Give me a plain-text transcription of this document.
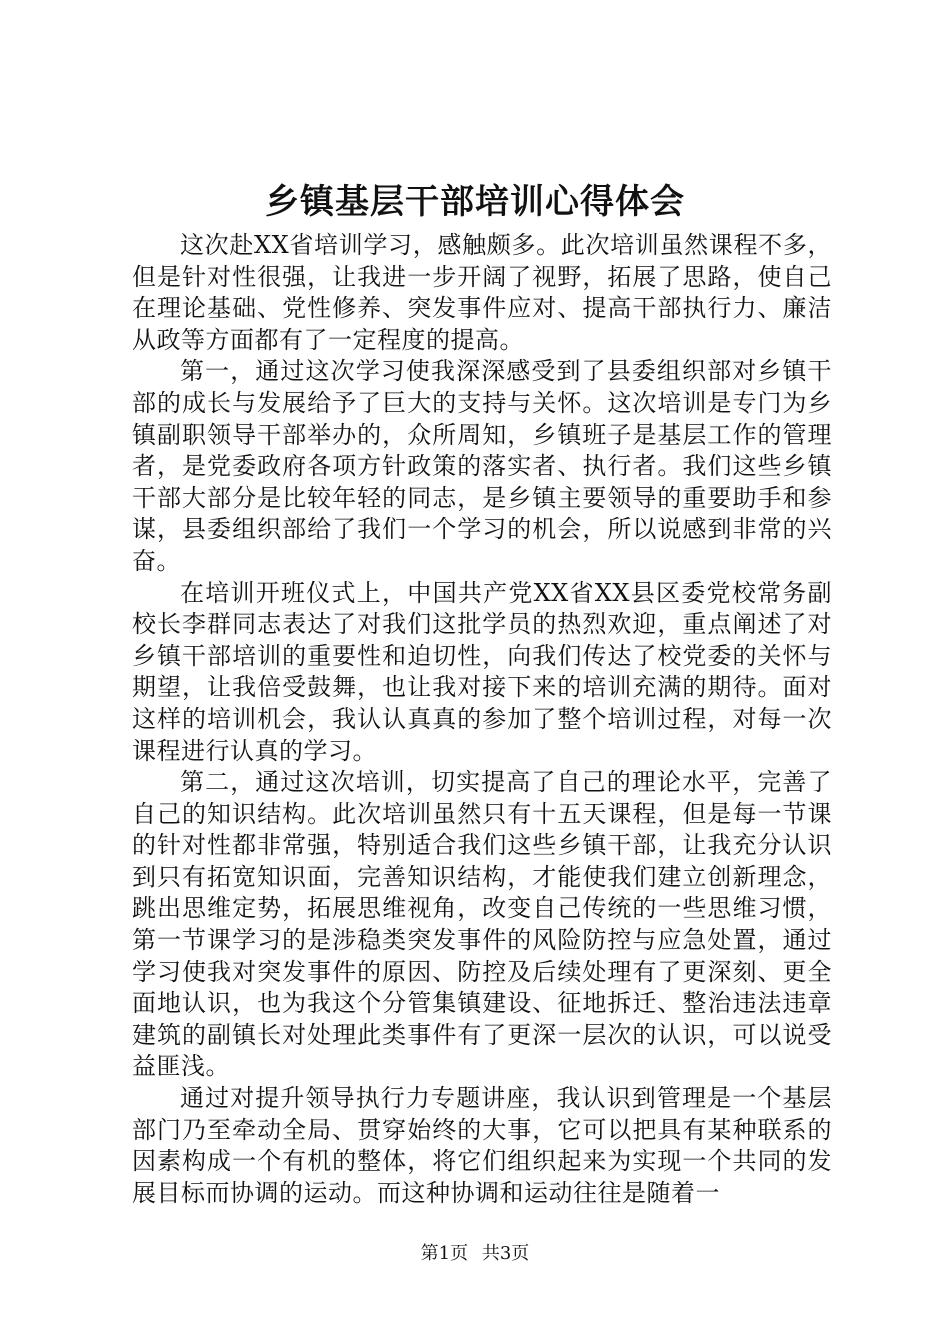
乡镇基层干部培训心得体会

这次赴XX省培训学习，感触颇多。此次培训虽然课程不多，但是针对性很强，让我进一步开阔了视野，拓展了思路，使自己在理论基础、党性修养、突发事件应对、提高干部执行力、廉洁从政等方面都有了一定程度的提高。

第一，通过这次学习使我深深感受到了县委组织部对乡镇干部的成长与发展给予了巨大的支持与关怀。这次培训是专门为乡镇副职领导干部举办的，众所周知，乡镇班子是基层工作的管理者，是党委政府各项方针政策的落实者、执行者。我们这些乡镇干部大部分是比较年轻的同志，是乡镇主要领导的重要助手和参谋，县委组织部给了我们一个学习的机会，所以说感到非常的兴奋。

在培训开班仪式上，中国共产党XX省XX县区委党校常务副校长李群同志表达了对我们这批学员的热烈欢迎，重点阐述了对乡镇干部培训的重要性和迫切性，向我们传达了校党委的关怀与期望，让我倍受鼓舞，也让我对接下来的培训充满的期待。面对这样的培训机会，我认认真真的参加了整个培训过程，对每一次课程进行认真的学习。

第二，通过这次培训，切实提高了自己的理论水平，完善了自己的知识结构。此次培训虽然只有十五天课程，但是每一节课的针对性都非常强，特别适合我们这些乡镇干部，让我充分认识到只有拓宽知识面，完善知识结构，才能使我们建立创新理念，跳出思维定势，拓展思维视角，改变自己传统的一些思维习惯，第一节课学习的是涉稳类突发事件的风险防控与应急处置，通过学习使我对突发事件的原因、防控及后续处理有了更深刻、更全面地认识，也为我这个分管集镇建设、征地拆迁、整治违法违章建筑的副镇长对处理此类事件有了更深一层次的认识，可以说受益匪浅。

通过对提升领导执行力专题讲座，我认识到管理是一个基层部门乃至牵动全局、贯穿始终的大事，它可以把具有某种联系的因素构成一个有机的整体，将它们组织起来为实现一个共同的发展目标而协调的运动。而这种协调和运动往往是随着一

第1页 共3页
